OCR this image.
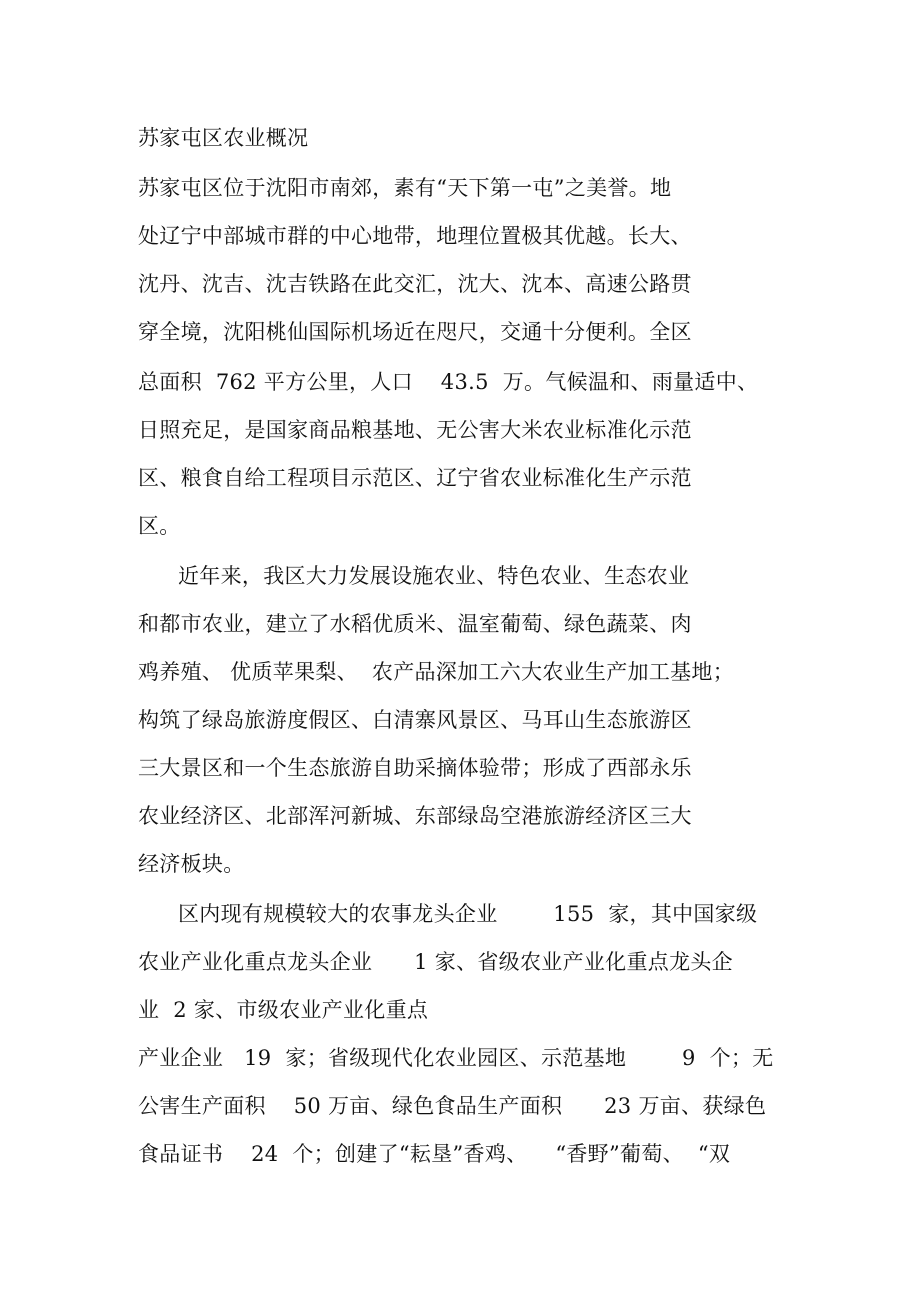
苏家屯区农业概况
苏家屯区位于沈阳市南郊，素有“天下第一屯”之美誉。地
处辽宁中部城市群的中心地带，地理位置极其优越。长大、
沈丹、沈吉、沈吉铁路在此交汇，沈大、沈本、高速公路贯
穿全境，沈阳桃仙国际机场近在咫尺，交通十分便利。全区
总面积  762 平方公里，人口    43.5  万。气候温和、雨量适中、
日照充足，是国家商品粮基地、无公害大米农业标准化示范
区、粮食自给工程项目示范区、辽宁省农业标准化生产示范
区。
近年来，我区大力发展设施农业、特色农业、生态农业
和都市农业，建立了水稻优质米、温室葡萄、绿色蔬菜、肉
鸡养殖、 优质苹果梨、  农产品深加工六大农业生产加工基地；
构筑了绿岛旅游度假区、白清寨风景区、马耳山生态旅游区
三大景区和一个生态旅游自助采摘体验带；形成了西部永乐
农业经济区、北部浑河新城、东部绿岛空港旅游经济区三大
经济板块。
区内现有规模较大的农事龙头企业        155  家，其中国家级
农业产业化重点龙头企业      1 家、省级农业产业化重点龙头企
业  2 家、市级农业产业化重点
产业企业   19  家；省级现代化农业园区、示范基地        9  个；无
公害生产面积    50 万亩、绿色食品生产面积      23 万亩、获绿色
食品证书    24  个；创建了“耘垦”香鸡、    “香野”葡萄、  “双
